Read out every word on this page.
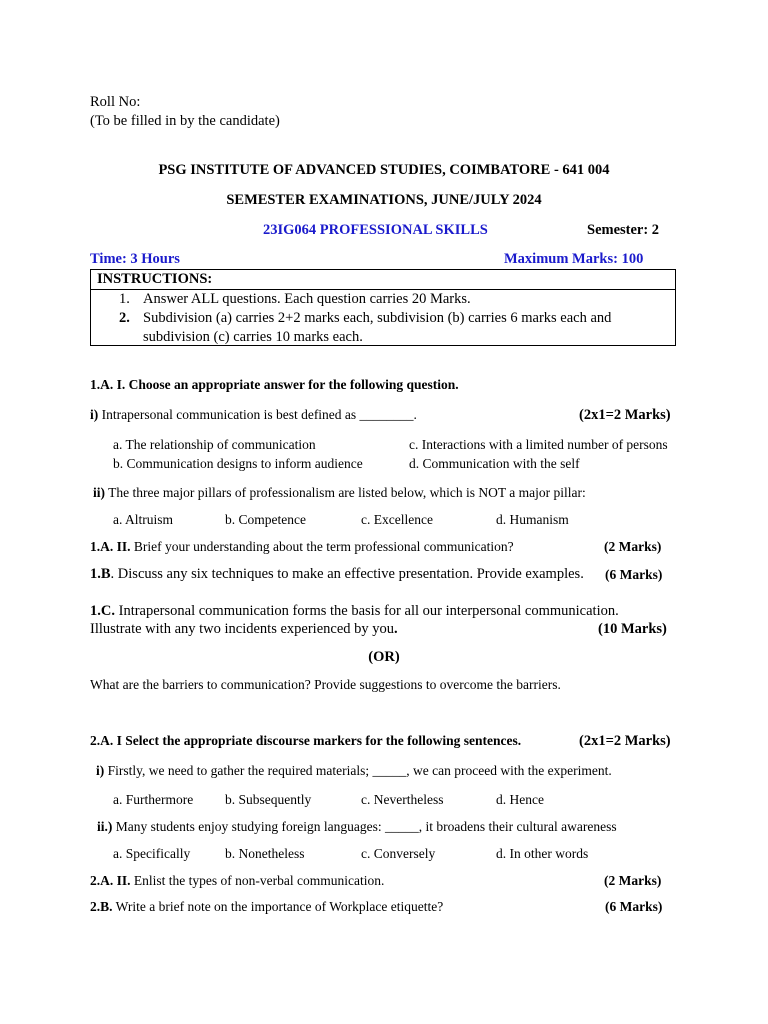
Roll No:
(To be filled in by the candidate)
PSG INSTITUTE OF ADVANCED STUDIES, COIMBATORE - 641 004
SEMESTER EXAMINATIONS, JUNE/JULY 2024
23IG064 PROFESSIONAL SKILLS	Semester: 2
Time: 3 Hours	Maximum Marks: 100
INSTRUCTIONS:
1. Answer ALL questions. Each question carries 20 Marks.
2. Subdivision (a) carries 2+2 marks each, subdivision (b) carries 6 marks each and
subdivision (c) carries 10 marks each.
1.A. I. Choose an appropriate answer for the following question.
i) Intrapersonal communication is best defined as ________.	(2x1=2 Marks)
a. The relationship of communication	c. Interactions with a limited number of persons
b. Communication designs to inform audience	d. Communication with the self
ii) The three major pillars of professionalism are listed below, which is NOT a major pillar:
a. Altruism	b. Competence	c. Excellence	d. Humanism
1.A. II. Brief your understanding about the term professional communication?	(2 Marks)
1.B. Discuss any six techniques to make an effective presentation. Provide examples. (6 Marks)
1.C. Intrapersonal communication forms the basis for all our interpersonal communication.
Illustrate with any two incidents experienced by you.	(10 Marks)
(OR)
What are the barriers to communication? Provide suggestions to overcome the barriers.
2.A. I Select the appropriate discourse markers for the following sentences.	(2x1=2 Marks)
i) Firstly, we need to gather the required materials; _____, we can proceed with the experiment.
a. Furthermore b. Subsequently	c. Nevertheless	d. Hence
ii.) Many students enjoy studying foreign languages: _____, it broadens their cultural awareness
a. Specifically	b. Nonetheless	c. Conversely	d. In other words
2.A. II. Enlist the types of non-verbal communication.	(2 Marks)
2.B. Write a brief note on the importance of Workplace etiquette?	(6 Marks)
